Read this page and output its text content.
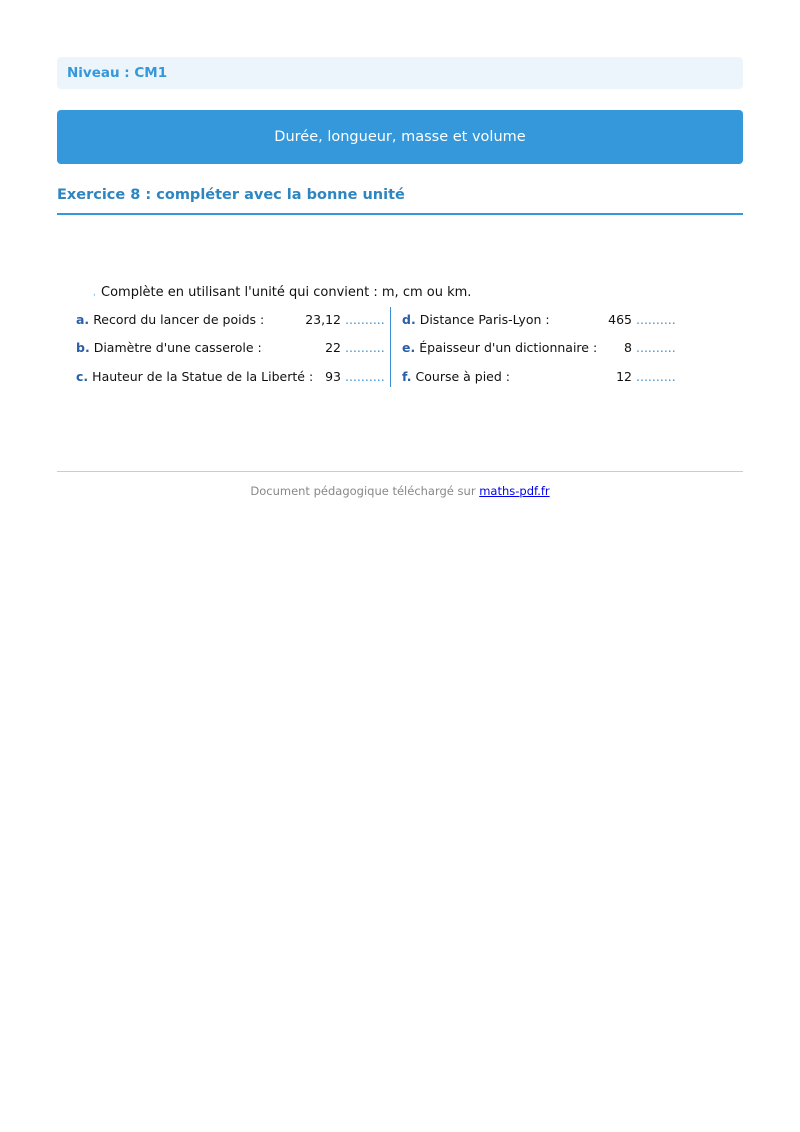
Niveau : CM1
Durée, longueur, masse et volume
Exercice 8 : compléter avec la bonne unité
, Complète en utilisant l'unité qui convient : m, cm ou km.
a. Record du lancer de poids :	23,12 ..........
b. Diamètre d'une casserole :	22 ..........
c. Hauteur de la Statue de la Liberté : 93 ..........
d. Distance Paris-Lyon :	465 ..........
e. Épaisseur d'un dictionnaire :	8 ..........
f. Course à pied :	12 ..........
Document pédagogique téléchargé sur maths-pdf.fr
